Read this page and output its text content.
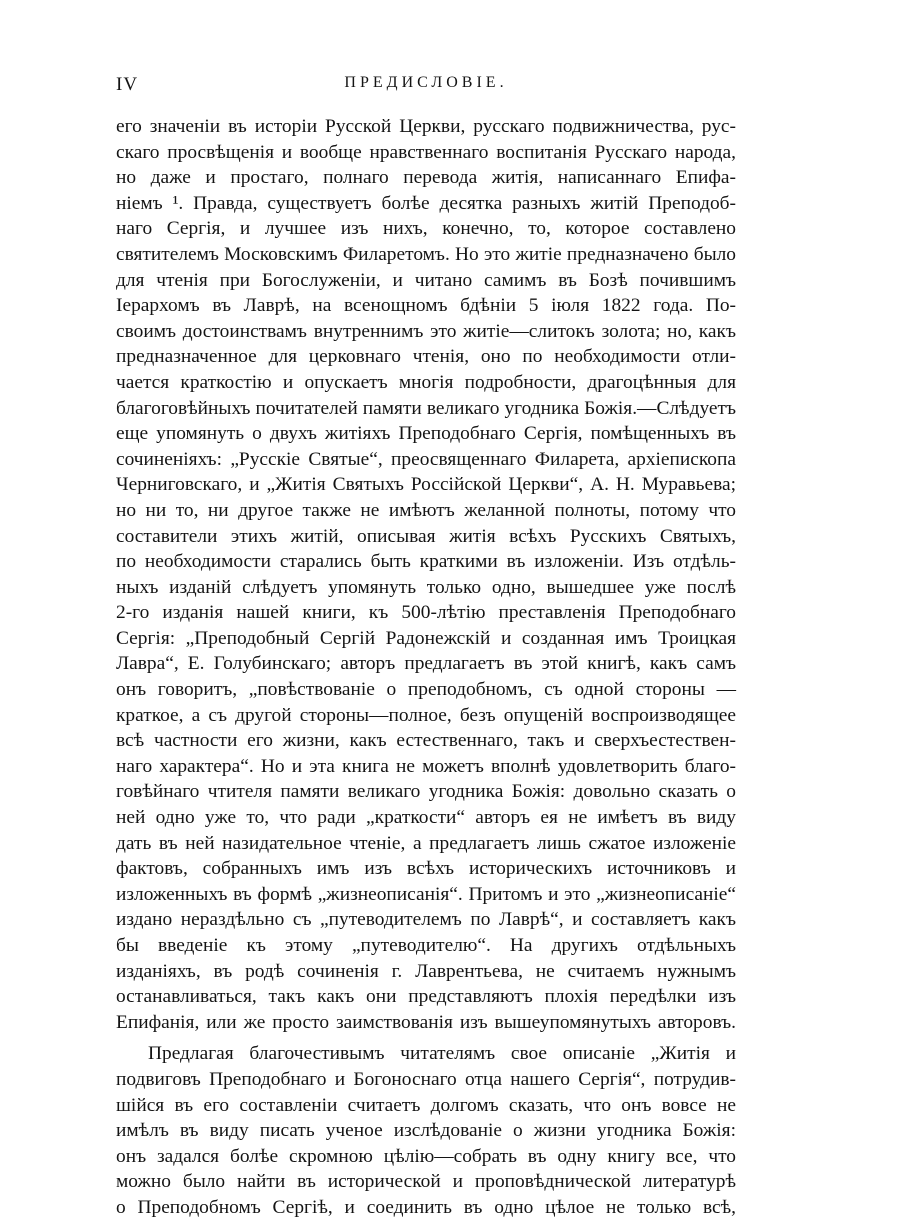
IV	ПРЕДИСЛОВІЕ.
его значеніи въ исторіи Русской Церкви, русскаго подвижничества, рус-
скаго просвѣщенія и вообще нравственнаго воспитанія Русскаго народа,
но даже и простаго, полнаго перевода житія, написаннаго Епифа-
ніемъ ¹. Правда, существуетъ болѣе десятка разныхъ житій Преподоб-
наго Сергія, и лучшее изъ нихъ, конечно, то, которое составлено
святителемъ Московскимъ Филаретомъ. Но это житіе предназначено было
для чтенія при Богослуженіи, и читано самимъ въ Бозѣ почившимъ
Іерархомъ въ Лаврѣ, на всенощномъ бдѣніи 5 іюля 1822 года. По-
своимъ достоинствамъ внутреннимъ это житіе—слитокъ золота; но, какъ
предназначенное для церковнаго чтенія, оно по необходимости отли-
чается краткостію и опускаетъ многія подробности, драгоцѣнныя для
благоговѣйныхъ почитателей памяти великаго угодника Божія.—Слѣдуетъ
еще упомянуть о двухъ житіяхъ Преподобнаго Сергія, помѣщенныхъ въ
сочиненіяхъ: „Русскіе Святые“, преосвященнаго Филарета, архіепископа
Черниговскаго, и „Житія Святыхъ Россійской Церкви“, А. Н. Муравьева;
но ни то, ни другое также не имѣютъ желанной полноты, потому что
составители этихъ житій, описывая житія всѣхъ Русскихъ Святыхъ,
по необходимости старались быть краткими въ изложеніи. Изъ отдѣль-
ныхъ изданій слѣдуетъ упомянуть только одно, вышедшее уже послѣ
2-го изданія нашей книги, къ 500-лѣтію преставленія Преподобнаго
Сергія: „Преподобный Сергій Радонежскій и созданная имъ Троицкая
Лавра“, Е. Голубинскаго; авторъ предлагаетъ въ этой книгѣ, какъ самъ
онъ говоритъ, „повѣствованіе о преподобномъ, съ одной стороны —
краткое, а съ другой стороны—полное, безъ опущеній воспроизводящее
всѣ частности его жизни, какъ естественнаго, такъ и сверхъестествен-
наго характера“. Но и эта книга не можетъ вполнѣ удовлетворить благо-
говѣйнаго чтителя памяти великаго угодника Божія: довольно сказать о
ней одно уже то, что ради „краткости“ авторъ ея не имѣетъ въ виду
дать въ ней назидательное чтеніе, а предлагаетъ лишь сжатое изложеніе
фактовъ, собранныхъ имъ изъ всѣхъ историческихъ источниковъ и
изложенныхъ въ формѣ „жизнеописанія“. Притомъ и это „жизнеописаніе“
издано нераздѣльно съ „путеводителемъ по Лаврѣ“, и составляетъ какъ
бы введеніе къ этому „путеводителю“. На другихъ отдѣльныхъ
изданіяхъ, въ родѣ сочиненія г. Лаврентьева, не считаемъ нужнымъ
останавливаться, такъ какъ они представляютъ плохія передѣлки изъ
Епифанія, или же просто заимствованія изъ вышеупомянутыхъ авторовъ.
Предлагая благочестивымъ читателямъ свое описаніе „Житія и
подвиговъ Преподобнаго и Богоноснаго отца нашего Сергія“, потрудив-
шійся въ его составленіи считаетъ долгомъ сказать, что онъ вовсе не
имѣлъ въ виду писать ученое изслѣдованіе о жизни угодника Божія:
онъ задался болѣе скромною цѣлію—собрать въ одну книгу все, что
можно было найти въ исторической и проповѣднической литературѣ
о Преподобномъ Сергіѣ, и соединить въ одно цѣлое не только всѣ,
